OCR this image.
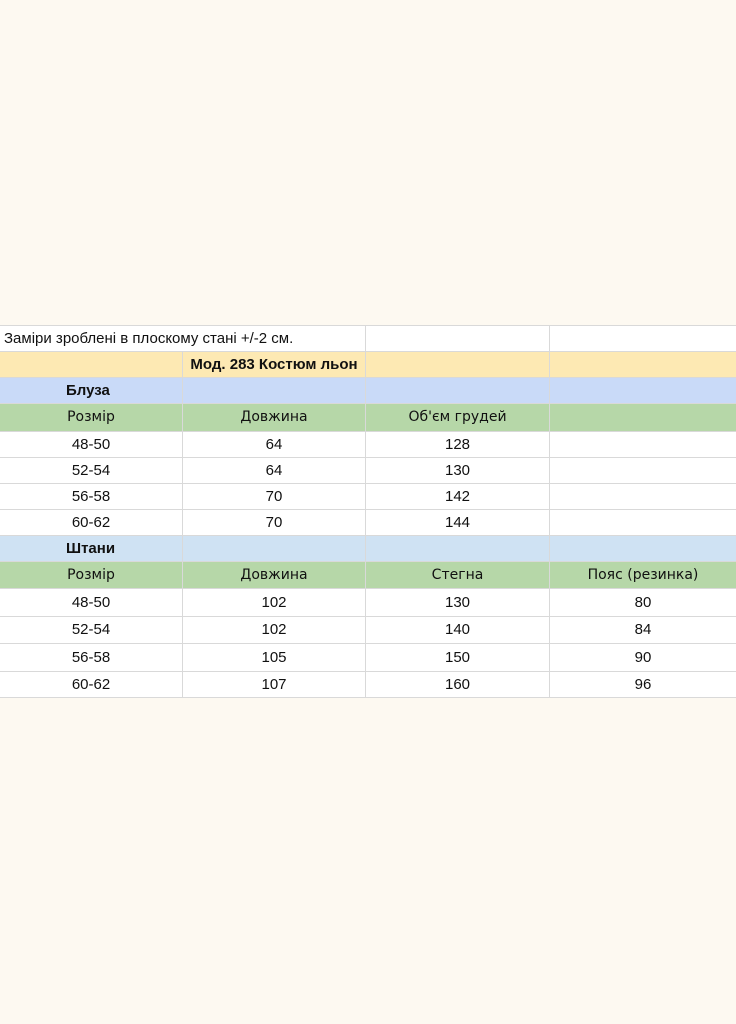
Заміри зроблені в плоскому стані +/-2 см.
Мод. 283 Костюм льон
Блуза
Розмір	Довжина	Об'єм грудей
48-50	64	128
52-54	64	130
56-58	70	142
60-62	70	144
Штани
Розмір	Довжина	Стегна	Пояс (резинка)
48-50	102	130	80
52-54	102	140	84
56-58	105	150	90
60-62	107	160	96
